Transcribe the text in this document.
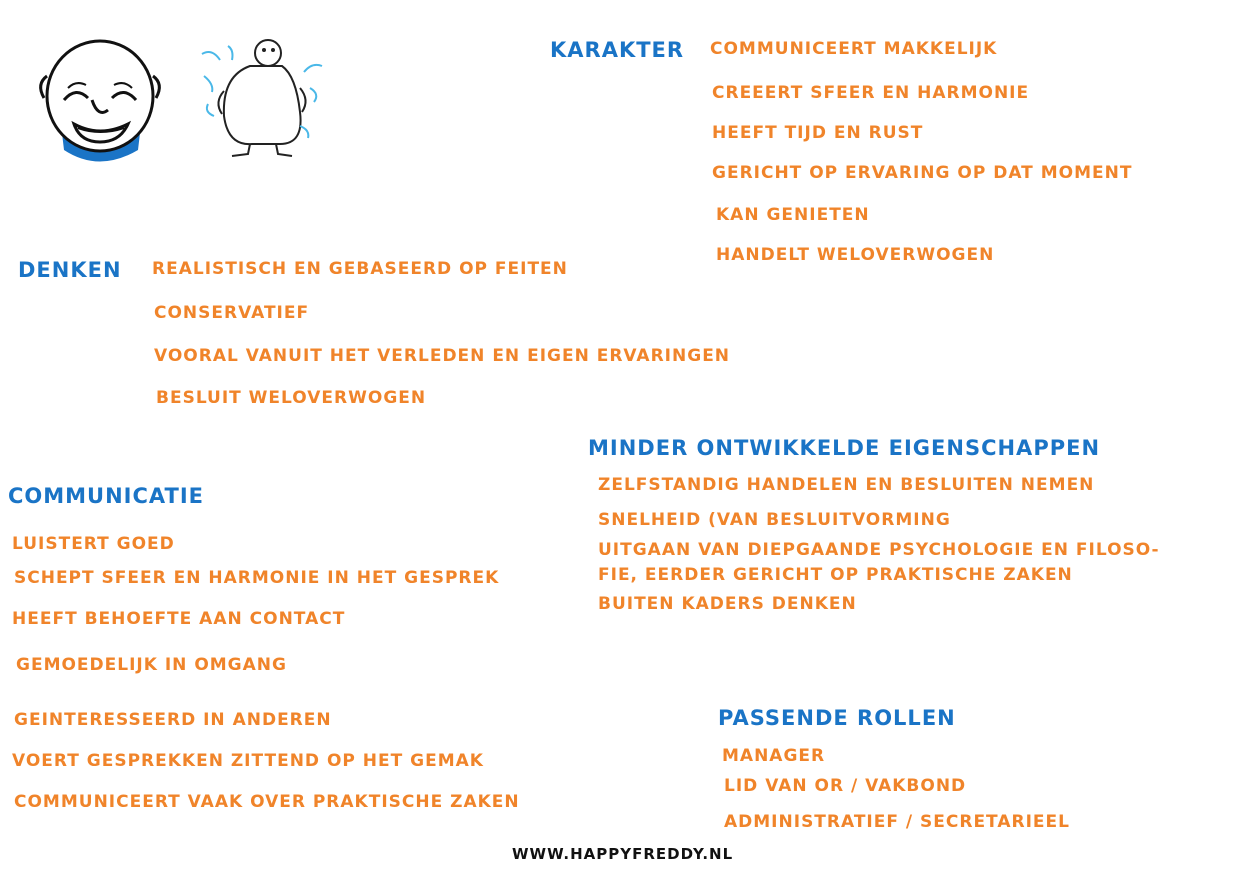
KARAKTER COMMUNICEERT MAKKELIJK
CREEERT SFEER EN HARMONIE
HEEFT TIJD EN RUST
GERICHT OP ERVARING OP DAT MOMENT
KAN GENIETEN
HANDELT WELOVERWOGEN
DENKEN REALISTISCH EN GEBASEERD OP FEITEN
CONSERVATIEF
VOORAL VANUIT HET VERLEDEN EN EIGEN ERVARINGEN
BESLUIT WELOVERWOGEN
MINDER ONTWIKKELDE EIGENSCHAPPEN
ZELFSTANDIG HANDELEN EN BESLUITEN NEMEN
SNELHEID (VAN BESLUITVORMING
UITGAAN VAN DIEPGAANDE PSYCHOLOGIE EN FILOSO-
FIE, EERDER GERICHT OP PRAKTISCHE ZAKEN
BUITEN KADERS DENKEN
COMMUNICATIE
LUISTERT GOED
SCHEPT SFEER EN HARMONIE IN HET GESPREK
HEEFT BEHOEFTE AAN CONTACT
GEMOEDELIJK IN OMGANG
GEINTERESSEERD IN ANDEREN
VOERT GESPREKKEN ZITTEND OP HET GEMAK
COMMUNICEERT VAAK OVER PRAKTISCHE ZAKEN
PASSENDE ROLLEN
MANAGER
LID VAN OR / VAKBOND
ADMINISTRATIEF / SECRETARIEEL
WWW.HAPPYFREDDY.NL
